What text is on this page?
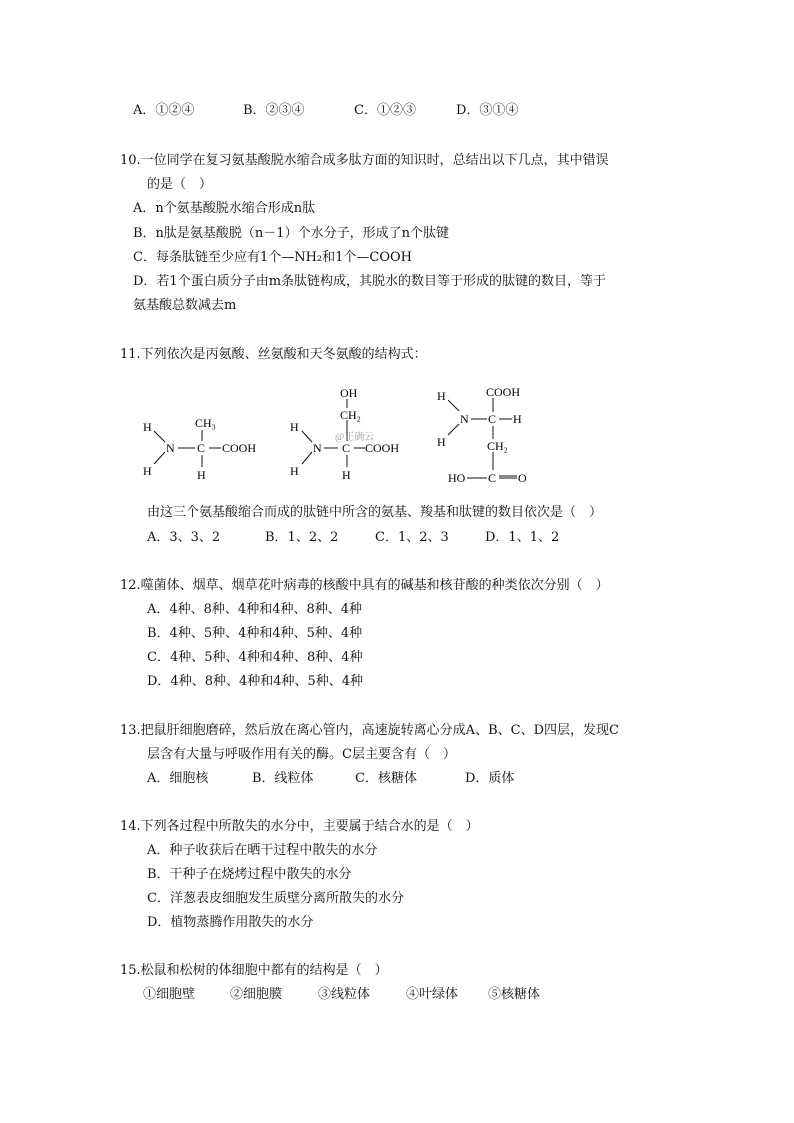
A．①②④	B．②③④	C．①②③	D．③①④
10.一位同学在复习氨基酸脱水缩合成多肽方面的知识时，总结出以下几点，其中错误
的是（　）
A．n个氨基酸脱水缩合形成n肽
B．n肽是氨基酸脱（n－1）个水分子，形成了n个肽键
C．每条肽链至少应有1个—NH₂和1个—COOH
D．若1个蛋白质分子由m条肽链构成，其脱水的数目等于形成的肽键的数目，等于
氨基酸总数减去m
11.下列依次是丙氨酸、丝氨酸和天冬氨酸的结构式：
H
H
N C
CH₃
COOH
H
OH
CH₂
H
H
N C COOH
H
@正确云
COOH
H
H
N C H
CH₂
HO C O
由这三个氨基酸缩合而成的肽链中所含的氨基、羧基和肽键的数目依次是（　）
A．3、3、2	B．1、2、2	C．1、2、3	D．1、1、2
12.噬菌体、烟草、烟草花叶病毒的核酸中具有的碱基和核苷酸的种类依次分别（　）
A．4种、8种、4种和4种、8种、4种
B．4种、5种、4种和4种、5种、4种
C．4种、5种、4种和4种、8种、4种
D．4种、8种、4种和4种、5种、4种
13.把鼠肝细胞磨碎，然后放在离心管内，高速旋转离心分成A、B、C、D四层，发现C
层含有大量与呼吸作用有关的酶。C层主要含有（　）
A．细胞核	B．线粒体	C．核糖体	D．质体
14.下列各过程中所散失的水分中，主要属于结合水的是（　）
A．种子收获后在晒干过程中散失的水分
B．干种子在烧烤过程中散失的水分
C．洋葱表皮细胞发生质壁分离所散失的水分
D．植物蒸腾作用散失的水分
15.松鼠和松树的体细胞中都有的结构是（　）
①细胞壁	②细胞膜	③线粒体	④叶绿体 ⑤核糖体
